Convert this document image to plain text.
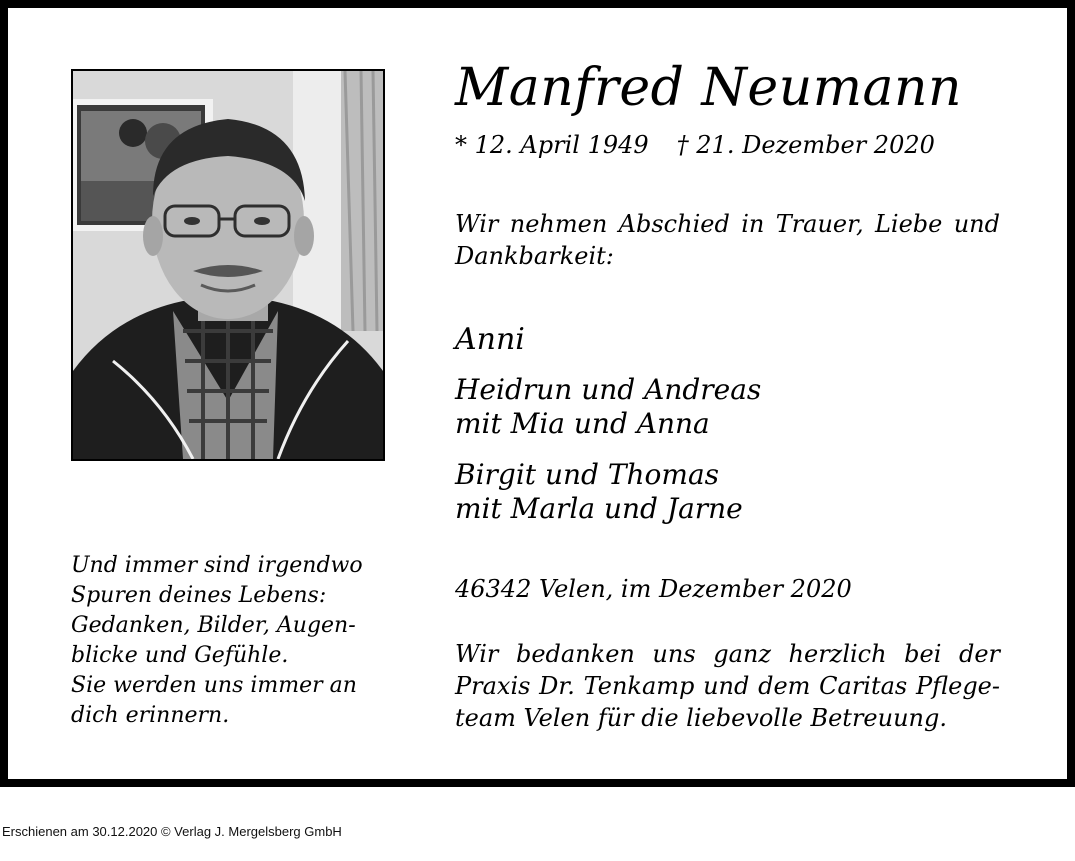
Manfred Neumann
* 12. April 1949 † 21. Dezember 2020
Wir nehmen Abschied in Trauer, Liebe und
Dankbarkeit:
Anni
Heidrun und Andreas
mit Mia und Anna
Birgit und Thomas
mit Marla und Jarne
46342 Velen, im Dezember 2020
Wir bedanken uns ganz herzlich bei der
Praxis Dr. Tenkamp und dem Caritas Pflege-
team Velen für die liebevolle Betreuung.
Und immer sind irgendwo
Spuren deines Lebens:
Gedanken, Bilder, Augen-
blicke und Gefühle.
Sie werden uns immer an
dich erinnern.
Erschienen am 30.12.2020 © Verlag J. Mergelsberg GmbH
